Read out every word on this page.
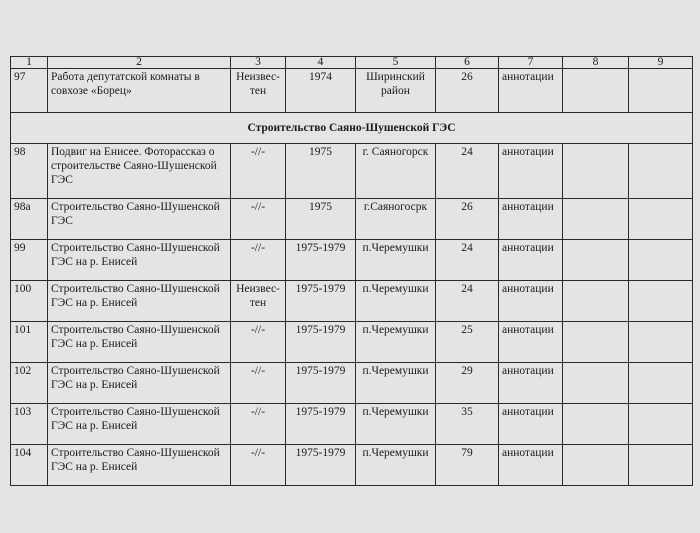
1	2	3	4	5	6	7	8	9
97	Работа депутатской комнаты в совхозе «Борец»	Неизвес-тен	1974	Ширинский район	26	аннотации		
Строительство Саяно-Шушенской ГЭС								
98	Подвиг на Енисее. Фоторассказ о строительстве Саяно-Шушенской ГЭС	-//-	1975	г. Саяногорск	24	аннотации		
98а	Строительство Саяно-Шушенской ГЭС	-//-	1975	г.Саяногосрк	26	аннотации		
99	Строительство Саяно-Шушенской ГЭС на р. Енисей	-//-	1975-1979	п.Черемушки	24	аннотации		
100	Строительство Саяно-Шушенской ГЭС на р. Енисей	Неизвес-тен	1975-1979	п.Черемушки	24	аннотации		
101	Строительство Саяно-Шушенской ГЭС на р. Енисей	-//-	1975-1979	п.Черемушки	25	аннотации		
102	Строительство Саяно-Шушенской ГЭС на р. Енисей	-//-	1975-1979	п.Черемушки	29	аннотации		
103	Строительство Саяно-Шушенской ГЭС на р. Енисей	-//-	1975-1979	п.Черемушки	35	аннотации		
104	Строительство Саяно-Шушенской ГЭС на р. Енисей	-//-	1975-1979	п.Черемушки	79	аннотации		
